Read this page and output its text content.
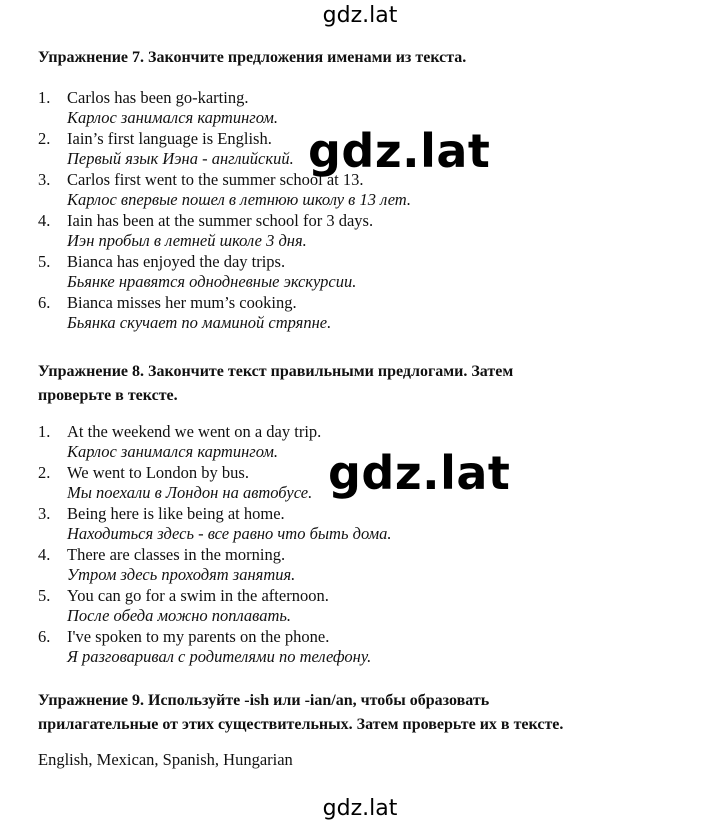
gdz.lat
Упражнение 7. Закончите предложения именами из текста.
1. Carlos has been go-karting.
Карлос занимался картингом.
2. Iain’s first language is English.
Первый язык Иэна - английский.
3. Carlos first went to the summer school at 13.
Карлос впервые пошел в летнюю школу в 13 лет.
4. Iain has been at the summer school for 3 days.
Иэн пробыл в летней школе 3 дня.
5. Bianca has enjoyed the day trips.
Бьянке нравятся однодневные экскурсии.
6. Bianca misses her mum’s cooking.
Бьянка скучает по маминой стряпне.
gdz.lat
Упражнение 8. Закончите текст правильными предлогами. Затем
проверьте в тексте.
1. At the weekend we went on a day trip.
Карлос занимался картингом.
2. We went to London by bus.
Мы поехали в Лондон на автобусе.
3. Being here is like being at home.
Находиться здесь - все равно что быть дома.
4. There are classes in the morning.
Утром здесь проходят занятия.
5. You can go for a swim in the afternoon.
После обеда можно поплавать.
6. I've spoken to my parents on the phone.
Я разговаривал с родителями по телефону.
gdz.lat
Упражнение 9. Используйте -ish или -ian/an, чтобы образовать
прилагательные от этих существительных. Затем проверьте их в тексте.
English, Mexican, Spanish, Hungarian
gdz.lat
